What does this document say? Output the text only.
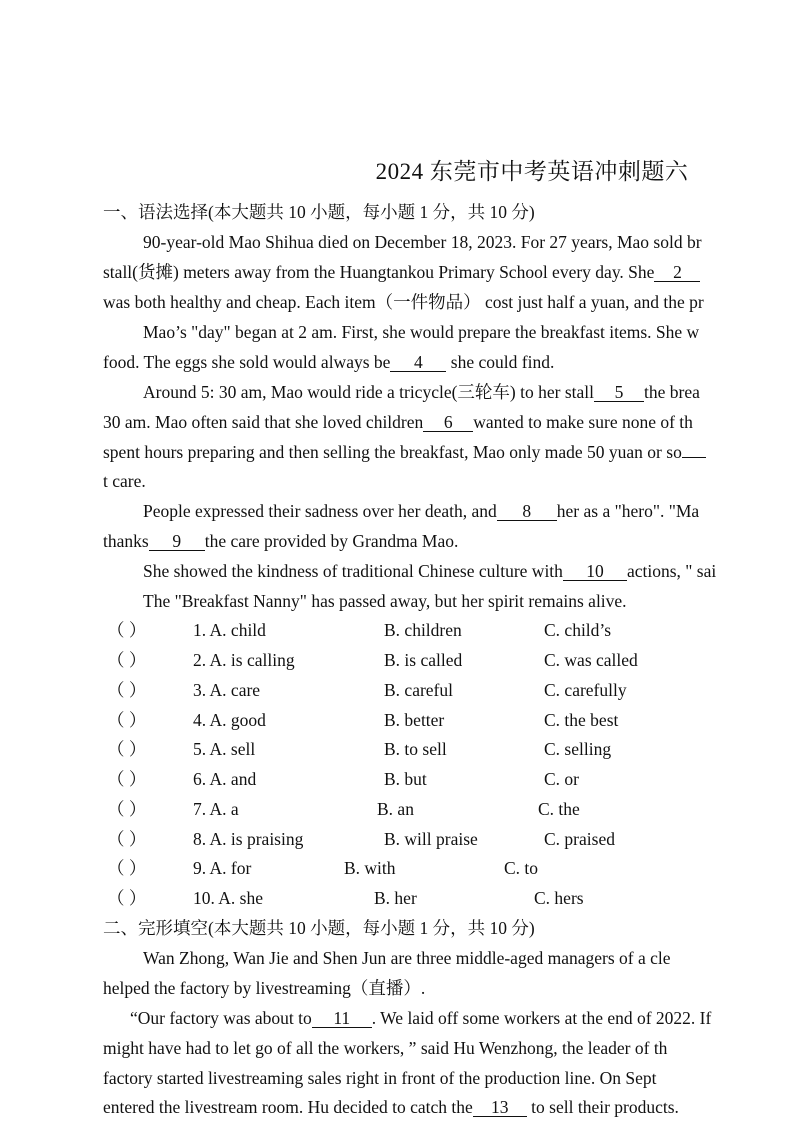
2024 东莞市中考英语冲刺题六
一、语法选择(本大题共 10 小题，每小题 1 分，共 10 分)
90-year-old Mao Shihua died on December 18, 2023. For 27 years, Mao sold br
stall(货摊) meters away from the Huangtankou Primary School every day. She 2
was both healthy and cheap. Each item（一件物品） cost just half a yuan, and the pr
Mao’s "day" began at 2 am. First, she would prepare the breakfast items. She w
food. The eggs she sold would always be 4 she could find.
Around 5: 30 am, Mao would ride a tricycle(三轮车) to her stall 5 the brea
30 am. Mao often said that she loved children 6 wanted to make sure none of th
spent hours preparing and then selling the breakfast, Mao only made 50 yuan or so
t care.
People expressed their sadness over her death, and 8 her as a "hero". "Ma
thanks 9 the care provided by Grandma Mao.
She showed the kindness of traditional Chinese culture with 10 actions, " sai
The "Breakfast Nanny" has passed away, but her spirit remains alive.
（ ）	1. A. child	B. children	C. child’s
（ ）	2. A. is calling	B. is called	C. was called
（ ）	3. A. care	B. careful	C. carefully
（ ）	4. A. good	B. better	C. the best
（ ）	5. A. sell	B. to sell	C. selling
（ ）	6. A. and	B. but	C. or
（ ）	7. A. a	B. an	C. the
（ ）	8. A. is praising	B. will praise	C. praised
（ ）	9. A. for	B. with	C. to
（ ）	10. A. she	B. her	C. hers
二、完形填空(本大题共 10 小题，每小题 1 分，共 10 分)
Wan Zhong, Wan Jie and Shen Jun are three middle-aged managers of a cle
helped the factory by livestreaming（直播）.
“Our factory was about to 11 . We laid off some workers at the end of 2022. If
might have had to let go of all the workers, ” said Hu Wenzhong, the leader of th
factory started livestreaming sales right in front of the production line. On Sept
entered the livestream room. Hu decided to catch the 13 to sell their products.
